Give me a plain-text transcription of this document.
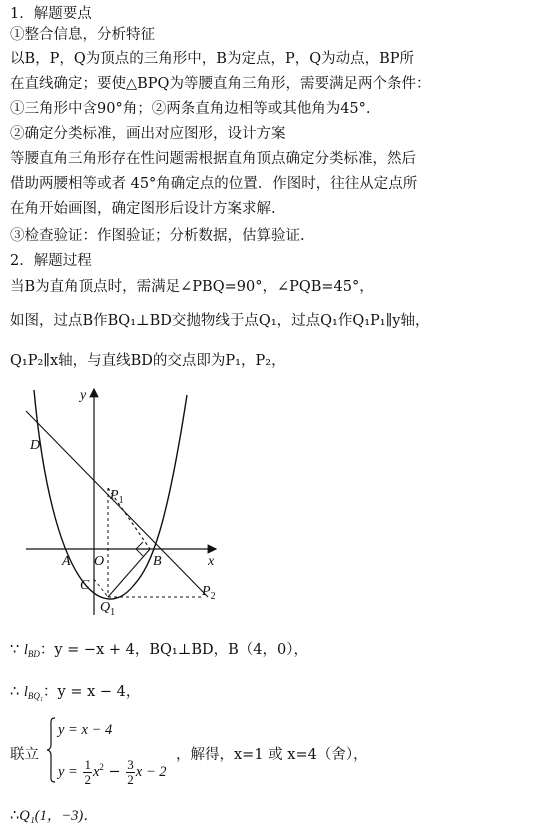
1．解题要点
①整合信息，分析特征
以B，P，Q为顶点的三角形中，B为定点，P，Q为动点，BP所
在直线确定；要使△BPQ为等腰直角三角形，需要满足两个条件：
①三角形中含90°角；②两条直角边相等或其他角为45°.
②确定分类标准，画出对应图形，设计方案
等腰直角三角形存在性问题需根据直角顶点确定分类标准，然后
借助两腰相等或者 45°角确定点的位置．作图时，往往从定点所
在角开始画图，确定图形后设计方案求解.
③检查验证：作图验证；分析数据，估算验证.
2．解题过程
当B为直角顶点时，需满足∠PBQ=90°，∠PQB=45°，
如图，过点B作BQ₁⊥BD交抛物线于点Q₁，过点Q₁作Q₁P₁∥y轴，
Q₁P₂∥x轴，与直线BD的交点即为P₁，P₂，
y
x
D
$P_1$
A O	B
C
$Q_1$
$P_2$
∵ $l_{BD}$：y = −x + 4，BQ₁⊥BD，B（4，0），
∴ $l_{BQ_1}$：y = x − 4，
联立
y = x − 4
$y = \frac{1}{2} x^2 - \frac{3}{2}$ x − 2
，解得，x=1 或 x=4（舍），
∴Q₁(1，−3)．
